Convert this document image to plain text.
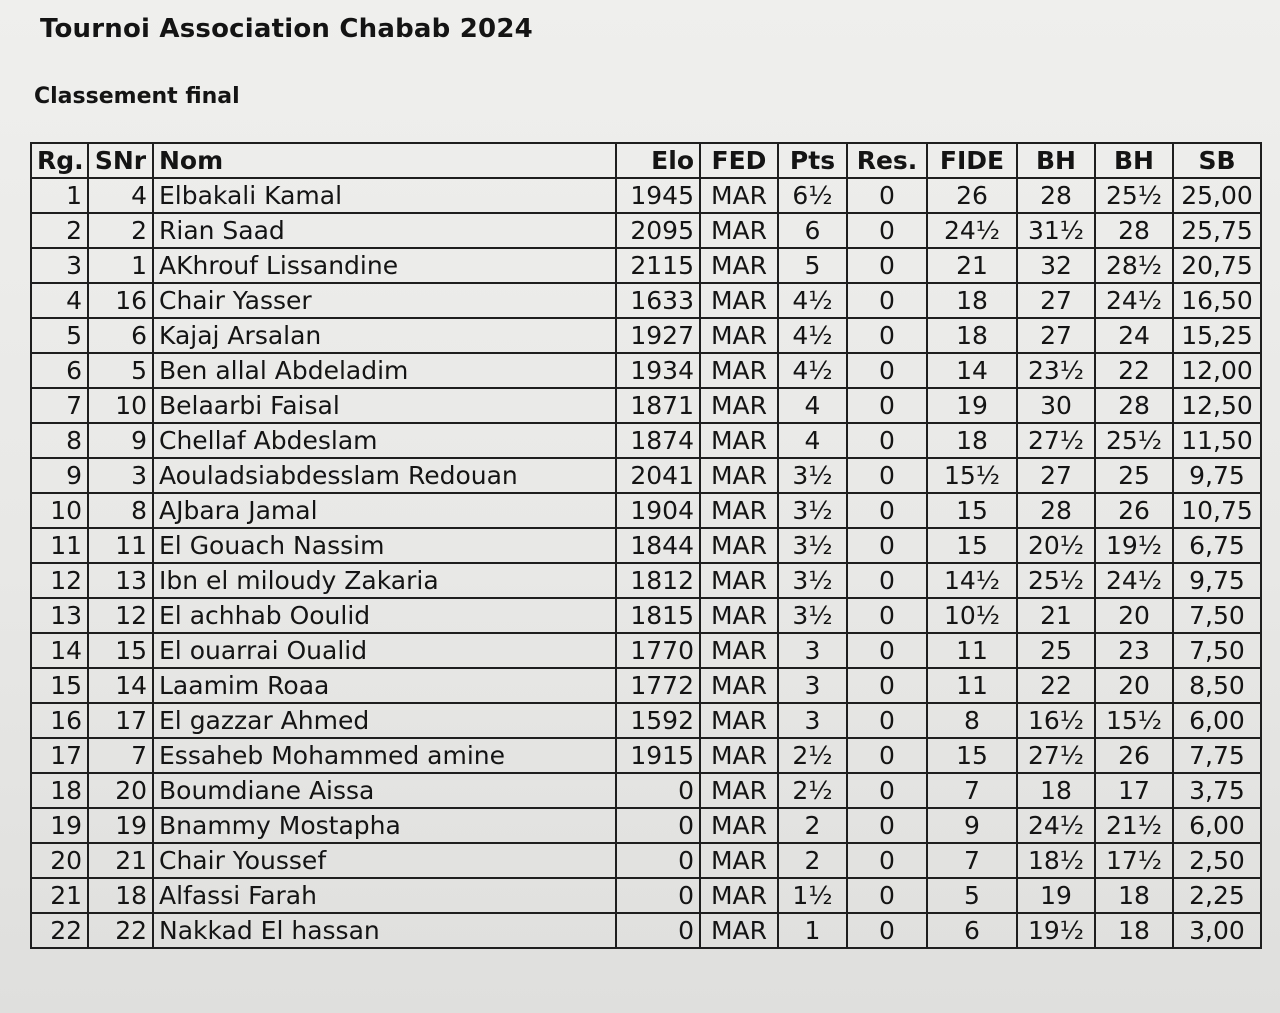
Tournoi Association Chabab 2024
Classement final
Rg.	SNr	Nom	Elo	FED	Pts	Res.	FIDE	BH	BH	SB
1	4	Elbakali Kamal	1945	MAR	6½	0	26	28	25½	25,00
2	2	Rian Saad	2095	MAR	6	0	24½	31½	28	25,75
3	1	AKhrouf Lissandine	2115	MAR	5	0	21	32	28½	20,75
4	16	Chair Yasser	1633	MAR	4½	0	18	27	24½	16,50
5	6	Kajaj Arsalan	1927	MAR	4½	0	18	27	24	15,25
6	5	Ben allal Abdeladim	1934	MAR	4½	0	14	23½	22	12,00
7	10	Belaarbi Faisal	1871	MAR	4	0	19	30	28	12,50
8	9	Chellaf Abdeslam	1874	MAR	4	0	18	27½	25½	11,50
9	3	Aouladsiabdesslam Redouan	2041	MAR	3½	0	15½	27	25	9,75
10	8	AJbara Jamal	1904	MAR	3½	0	15	28	26	10,75
11	11	El Gouach Nassim	1844	MAR	3½	0	15	20½	19½	6,75
12	13	Ibn el miloudy Zakaria	1812	MAR	3½	0	14½	25½	24½	9,75
13	12	El achhab Ooulid	1815	MAR	3½	0	10½	21	20	7,50
14	15	El ouarrai Oualid	1770	MAR	3	0	11	25	23	7,50
15	14	Laamim Roaa	1772	MAR	3	0	11	22	20	8,50
16	17	El gazzar Ahmed	1592	MAR	3	0	8	16½	15½	6,00
17	7	Essaheb Mohammed amine	1915	MAR	2½	0	15	27½	26	7,75
18	20	Boumdiane Aissa	0	MAR	2½	0	7	18	17	3,75
19	19	Bnammy Mostapha	0	MAR	2	0	9	24½	21½	6,00
20	21	Chair Youssef	0	MAR	2	0	7	18½	17½	2,50
21	18	Alfassi Farah	0	MAR	1½	0	5	19	18	2,25
22	22	Nakkad El hassan	0	MAR	1	0	6	19½	18	3,00
